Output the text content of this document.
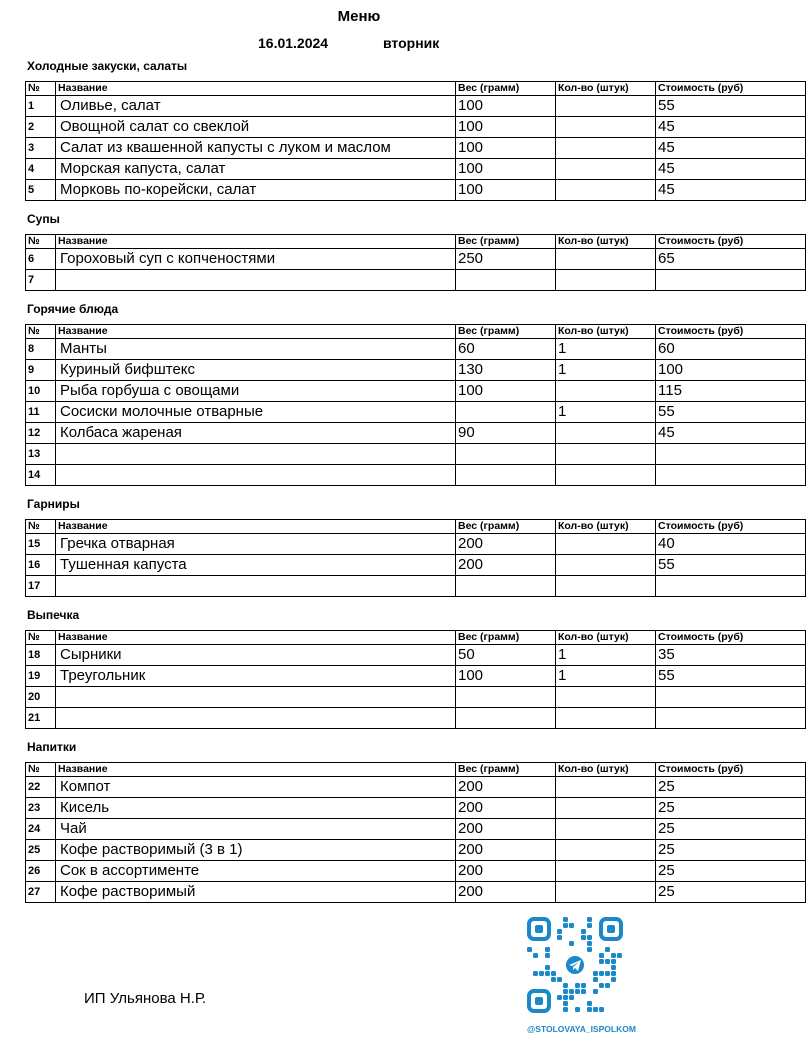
Меню
16.01.2024	вторник
Холодные закуски, салаты
№	Название	Вес (грамм)	Кол-во (штук)	Стоимость (руб)
1	Оливье, салат	100		55
2	Овощной салат со свеклой	100		45
3	Салат из квашенной капусты с луком и маслом	100		45
4	Морская капуста, салат	100		45
5	Морковь по-корейски, салат	100		45
Супы
№	Название	Вес (грамм)	Кол-во (штук)	Стоимость (руб)
6	Гороховый суп с копченостями	250		65
7				
Горячие блюда
№	Название	Вес (грамм)	Кол-во (штук)	Стоимость (руб)
8	Манты	60	1	60
9	Куриный бифштекс	130	1	100
10	Рыба горбуша с овощами	100		115
11	Сосиски молочные отварные		1	55
12	Колбаса жареная	90		45
13				
14				
Гарниры
№	Название	Вес (грамм)	Кол-во (штук)	Стоимость (руб)
15	Гречка отварная	200		40
16	Тушенная капуста	200		55
17				
Выпечка
№	Название	Вес (грамм)	Кол-во (штук)	Стоимость (руб)
18	Сырники	50	1	35
19	Треугольник	100	1	55
20				
21				
Напитки
№	Название	Вес (грамм)	Кол-во (штук)	Стоимость (руб)
22	Компот	200		25
23	Кисель	200		25
24	Чай	200		25
25	Кофе растворимый (3 в 1)	200		25
26	Сок в ассортименте	200		25
27	Кофе растворимый	200		25
ИП Ульянова Н.Р.
@STOLOVAYA_ISPOLKOM
